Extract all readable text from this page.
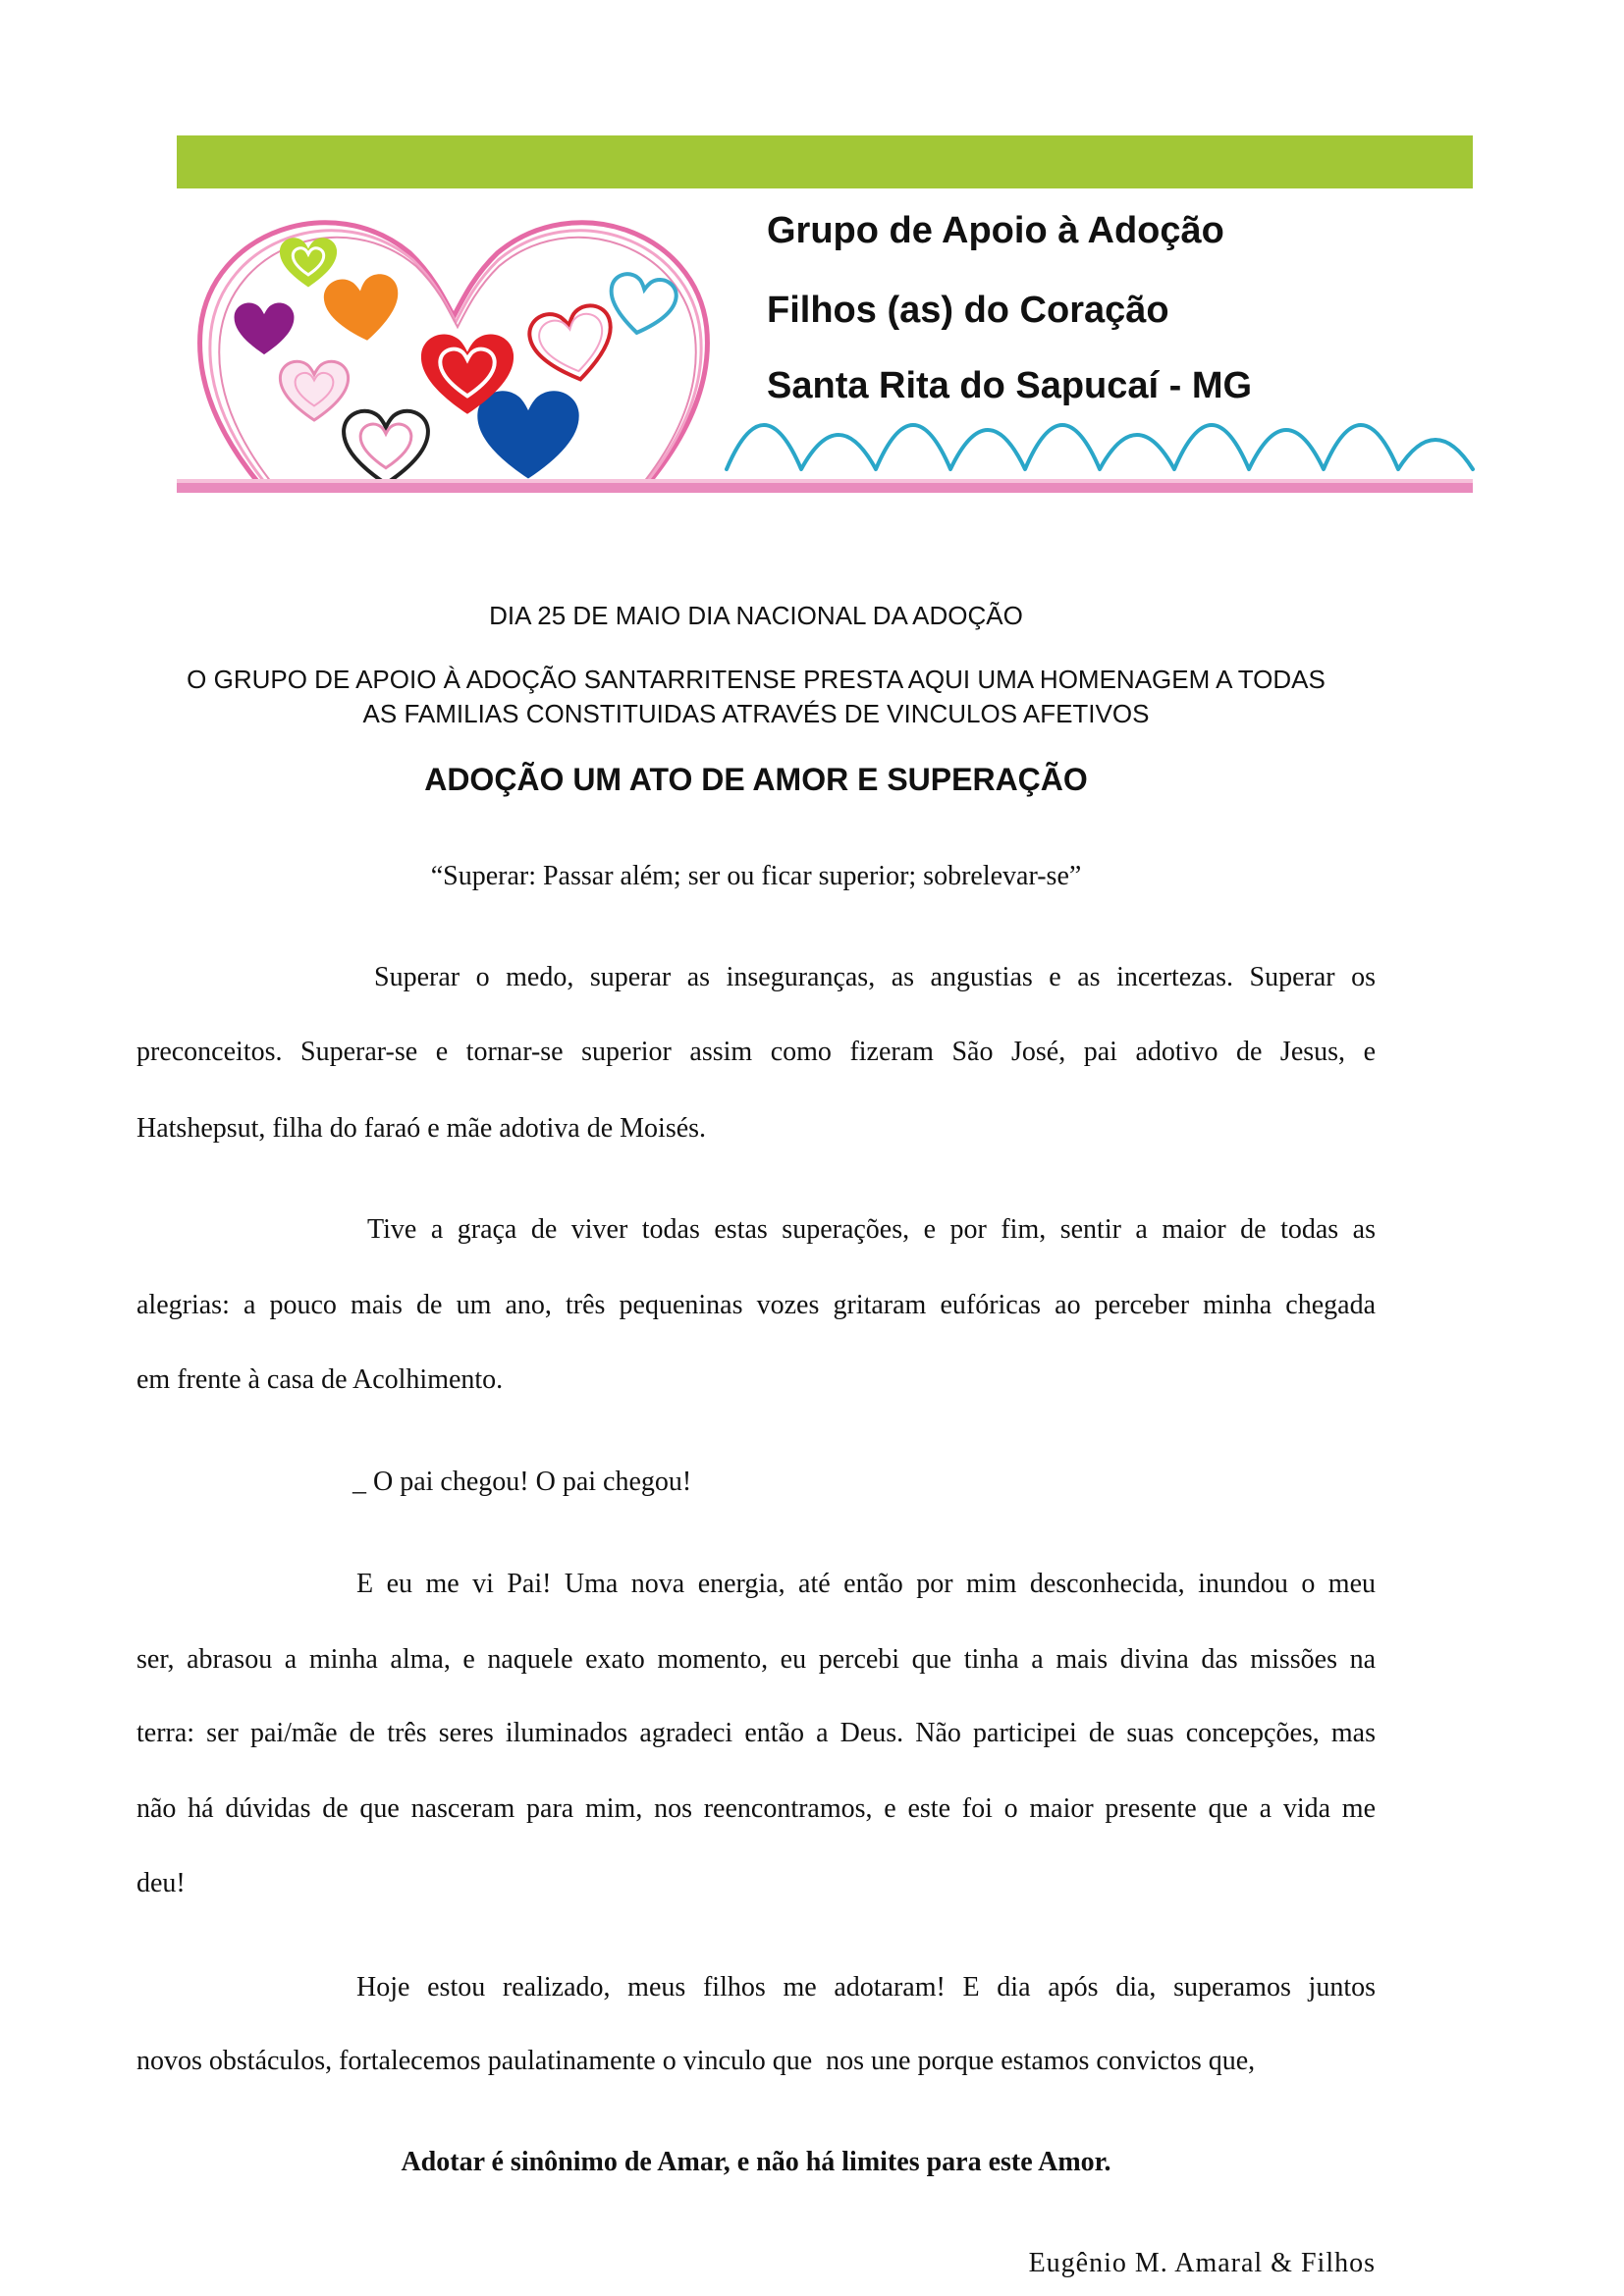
Grupo de Apoio à Adoção
Filhos (as) do Coração
Santa Rita do Sapucaí - MG
DIA 25 DE MAIO DIA NACIONAL DA ADOÇÃO
O GRUPO DE APOIO À ADOÇÃO SANTARRITENSE PRESTA AQUI UMA HOMENAGEM A TODAS
AS FAMILIAS CONSTITUIDAS ATRAVÉS DE VINCULOS AFETIVOS
ADOÇÃO UM ATO DE AMOR E SUPERAÇÃO
“Superar: Passar além; ser ou ficar superior; sobrelevar-se”
Superar o medo, superar as inseguranças, as angustias e as incertezas. Superar os
preconceitos. Superar-se e tornar-se superior assim como fizeram São José, pai adotivo de Jesus, e
Hatshepsut, filha do faraó e mãe adotiva de Moisés.
Tive a graça de viver todas estas superações, e por fim, sentir a maior de todas as
alegrias: a pouco mais de um ano, três pequeninas vozes gritaram eufóricas ao perceber minha chegada
em frente à casa de Acolhimento.
_ O pai chegou! O pai chegou!
E eu me vi Pai! Uma nova energia, até então por mim desconhecida, inundou o meu
ser, abrasou a minha alma, e naquele exato momento, eu percebi que tinha a mais divina das missões na
terra: ser pai/mãe de três seres iluminados agradeci então a Deus. Não participei de suas concepções, mas
não há dúvidas de que nasceram para mim, nos reencontramos, e este foi o maior presente que a vida me
deu!
Hoje estou realizado, meus filhos me adotaram! E dia após dia, superamos juntos
novos obstáculos, fortalecemos paulatinamente o vinculo que  nos une porque estamos convictos que,
Adotar é sinônimo de Amar, e não há limites para este Amor.
Eugênio M. Amaral & Filhos
